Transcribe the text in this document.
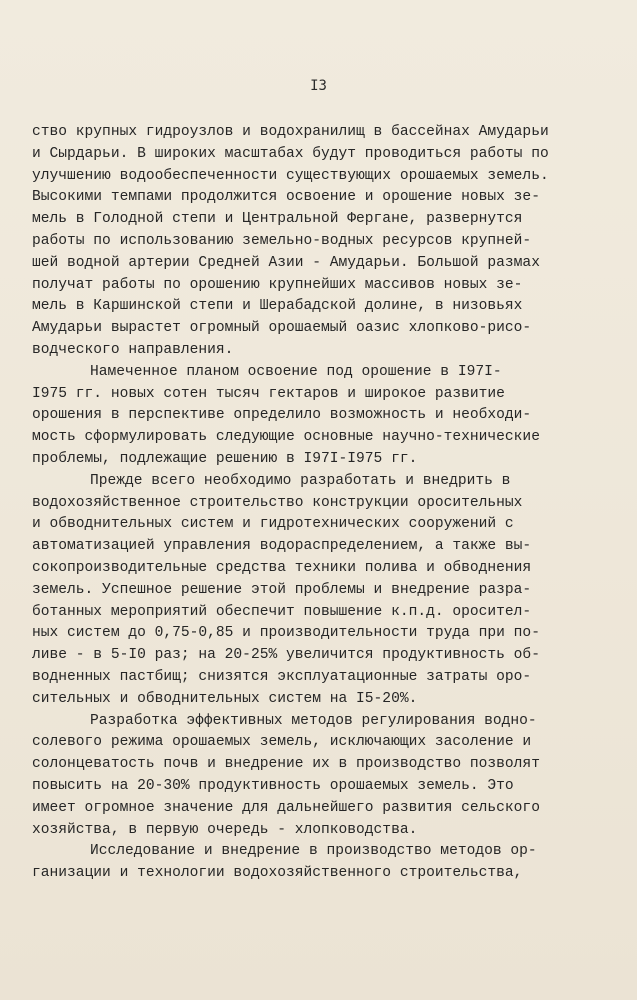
I3
ство крупных гидроузлов и водохранилищ в бассейнах Амударьи
и Сырдарьи. В широких масштабах будут проводиться работы по
улучшению водообеспеченности существующих орошаемых земель.
Высокими темпами продолжится освоение и орошение новых зе-
мель в Голодной степи и Центральной Фергане, развернутся
работы по использованию земельно-водных ресурсов крупней-
шей водной артерии Средней Азии - Амударьи. Большой размах
получат работы по орошению крупнейших массивов новых зе-
мель в Каршинской степи и Шерабадской долине, в низовьях
Амударьи вырастет огромный орошаемый оазис хлопково-рисо-
водческого направления.
Намеченное планом освоение под орошение в I97I-
I975 гг. новых сотен тысяч гектаров и широкое развитие
орошения в перспективе определило возможность и необходи-
мость сформулировать следующие основные научно-технические
проблемы, подлежащие решению в I97I-I975 гг.
Прежде всего необходимо разработать и внедрить в
водохозяйственное строительство конструкции оросительных
и обводнительных систем и гидротехнических сооружений с
автоматизацией управления водораспределением, а также вы-
сокопроизводительные средства техники полива и обводнения
земель. Успешное решение этой проблемы и внедрение разра-
ботанных мероприятий обеспечит повышение к.п.д. оросител-
ных систем до 0,75-0,85 и производительности труда при по-
ливе - в 5-I0 раз; на 20-25% увеличится продуктивность об-
водненных пастбищ; снизятся эксплуатационные затраты оро-
сительных и обводнительных систем на I5-20%.
Разработка эффективных методов регулирования водно-
солевого режима орошаемых земель, исключающих засоление и
солонцеватость почв и внедрение их в производство позволят
повысить на 20-30% продуктивность орошаемых земель. Это
имеет огромное значение для дальнейшего развития сельского
хозяйства, в первую очередь - хлопководства.
Исследование и внедрение в производство методов ор-
ганизации и технологии водохозяйственного строительства,
